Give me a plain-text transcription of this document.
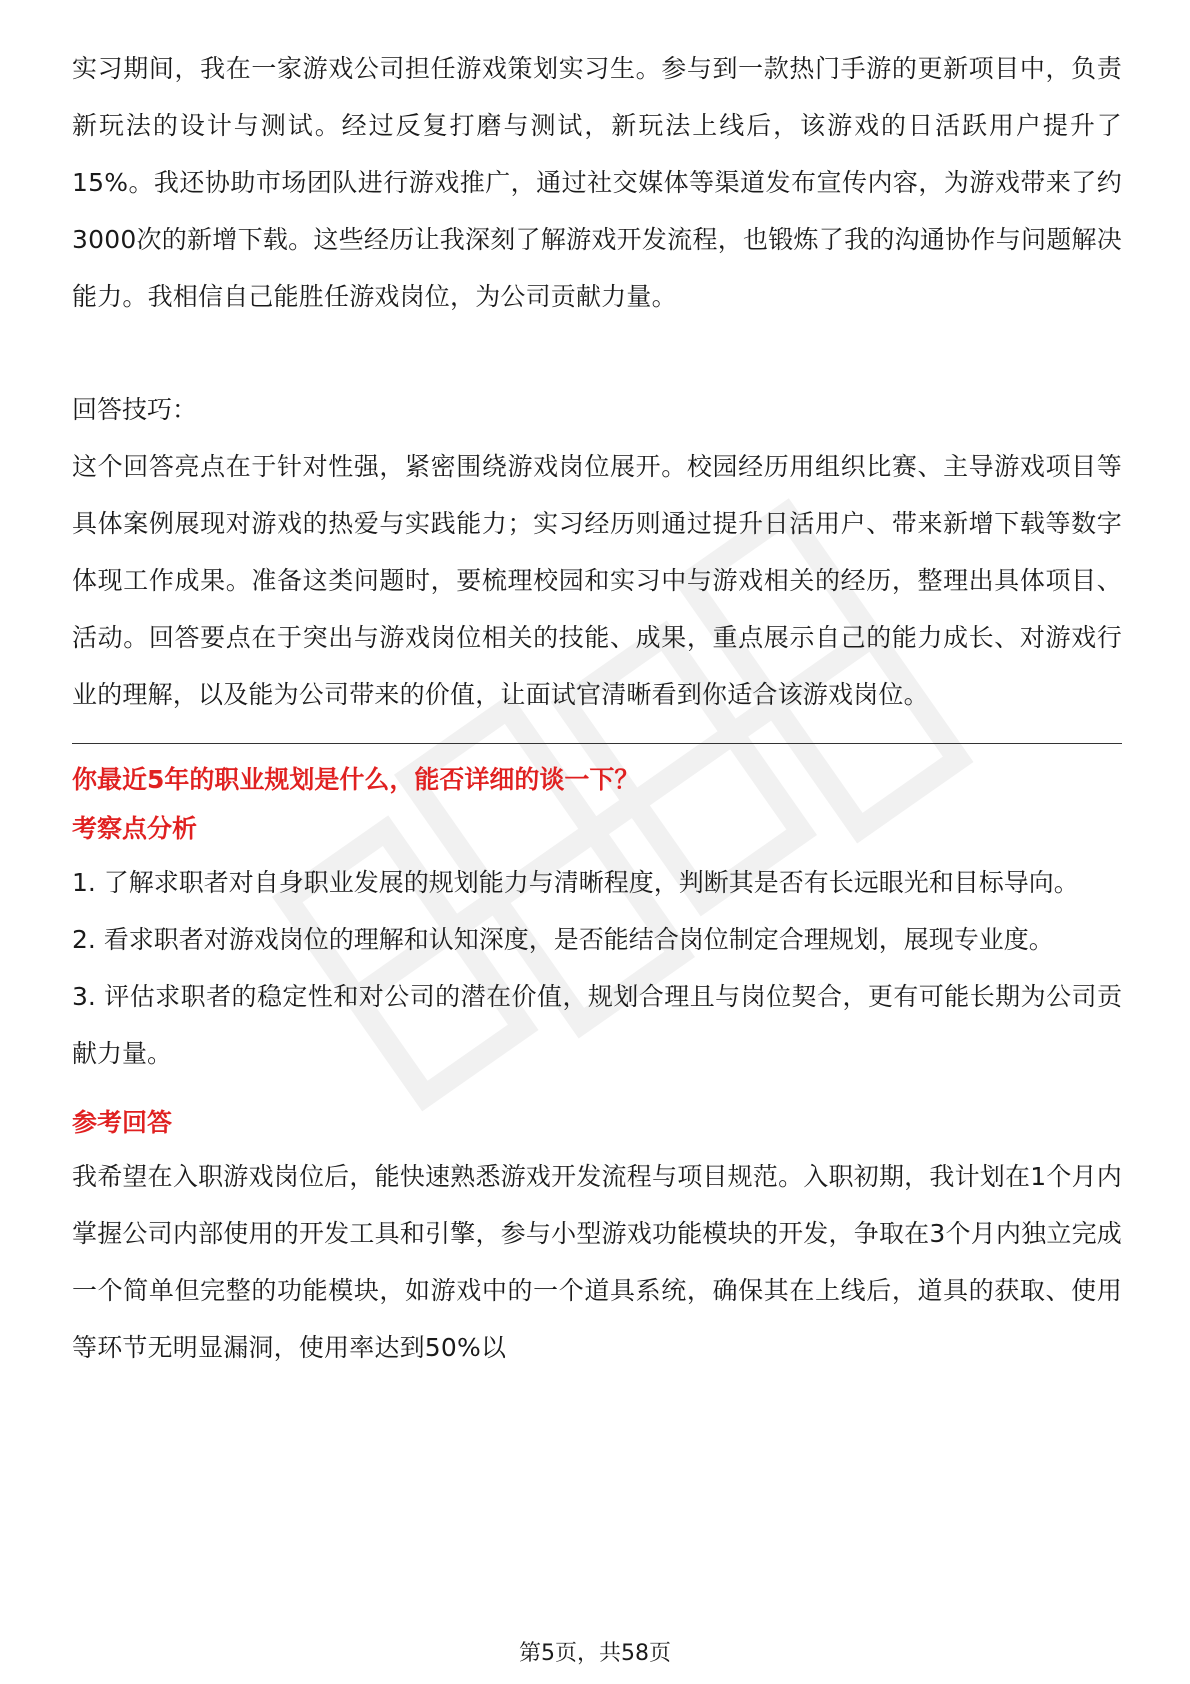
实习期间，我在一家游戏公司担任游戏策划实习生。参与到一款热门手游的更新项目中，负责新玩法的设计与测试。经过反复打磨与测试，新玩法上线后，该游戏的日活跃用户提升了15%。我还协助市场团队进行游戏推广，通过社交媒体等渠道发布宣传内容，为游戏带来了约3000次的新增下载。这些经历让我深刻了解游戏开发流程，也锻炼了我的沟通协作与问题解决能力。我相信自己能胜任游戏岗位，为公司贡献力量。

回答技巧：

这个回答亮点在于针对性强，紧密围绕游戏岗位展开。校园经历用组织比赛、主导游戏项目等具体案例展现对游戏的热爱与实践能力；实习经历则通过提升日活用户、带来新增下载等数字体现工作成果。准备这类问题时，要梳理校园和实习中与游戏相关的经历，整理出具体项目、活动。回答要点在于突出与游戏岗位相关的技能、成果，重点展示自己的能力成长、对游戏行业的理解，以及能为公司带来的价值，让面试官清晰看到你适合该游戏岗位。

你最近5年的职业规划是什么，能否详细的谈一下？

考察点分析

1. 了解求职者对自身职业发展的规划能力与清晰程度，判断其是否有长远眼光和目标导向。

2. 看求职者对游戏岗位的理解和认知深度，是否能结合岗位制定合理规划，展现专业度。

3. 评估求职者的稳定性和对公司的潜在价值，规划合理且与岗位契合，更有可能长期为公司贡献力量。

参考回答

我希望在入职游戏岗位后，能快速熟悉游戏开发流程与项目规范。入职初期，我计划在1个月内掌握公司内部使用的开发工具和引擎，参与小型游戏功能模块的开发，争取在3个月内独立完成一个简单但完整的功能模块，如游戏中的一个道具系统，确保其在上线后，道具的获取、使用等环节无明显漏洞，使用率达到50%以

第5页，共58页
